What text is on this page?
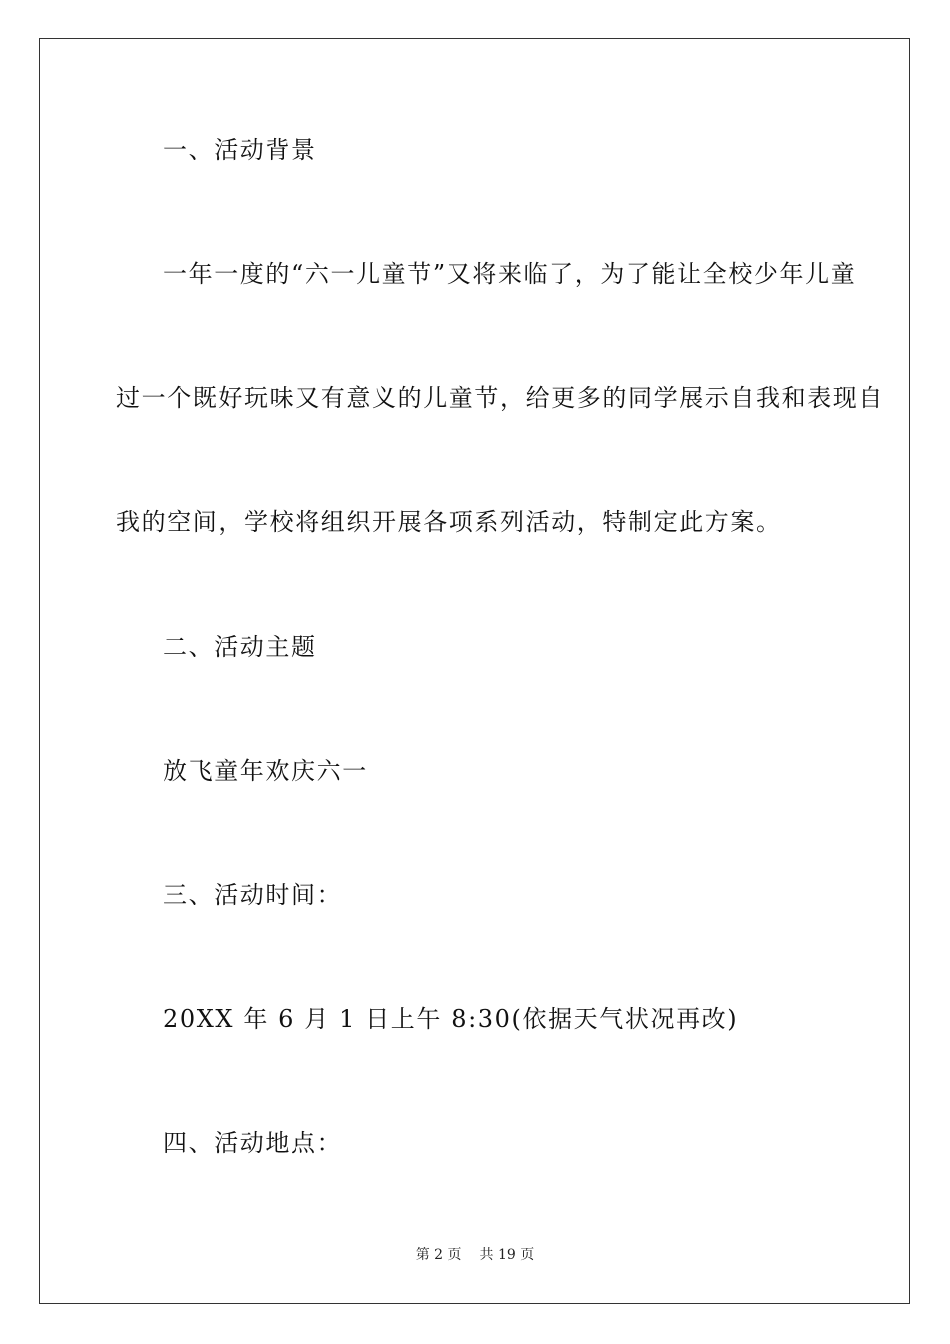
一、活动背景
一年一度的“六一儿童节”又将来临了，为了能让全校少年儿童
过一个既好玩味又有意义的儿童节，给更多的同学展示自我和表现自
我的空间，学校将组织开展各项系列活动，特制定此方案。
二、活动主题
放飞童年欢庆六一
三、活动时间：
20XX 年 6 月 1 日上午 8:30(依据天气状况再改)
四、活动地点：
第 2 页 共 19 页
